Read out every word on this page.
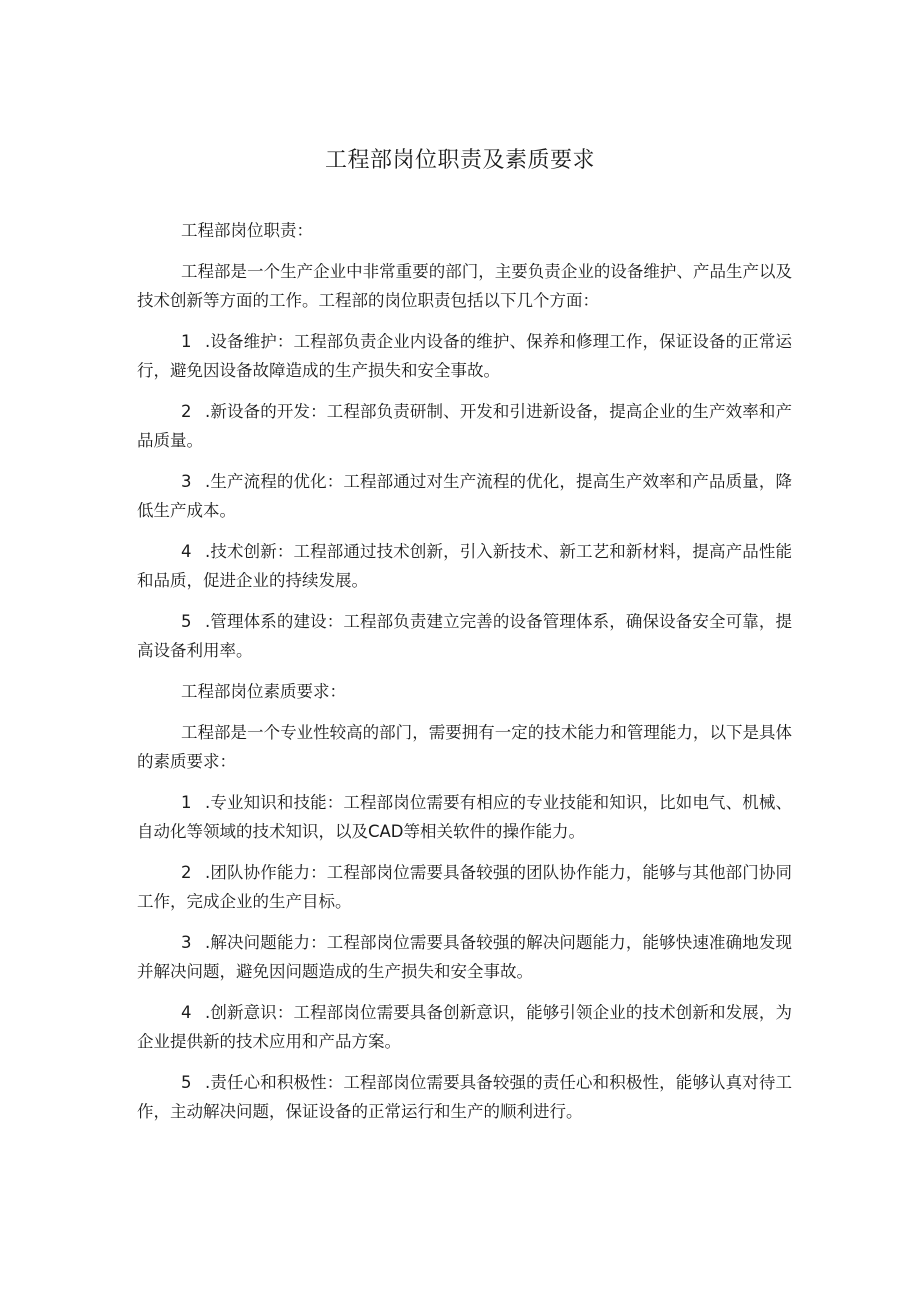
工程部岗位职责及素质要求

工程部岗位职责：

工程部是一个生产企业中非常重要的部门，主要负责企业的设备维护、产品生产以及技术创新等方面的工作。工程部的岗位职责包括以下几个方面：

1 .设备维护：工程部负责企业内设备的维护、保养和修理工作，保证设备的正常运行，避免因设备故障造成的生产损失和安全事故。

2 .新设备的开发：工程部负责研制、开发和引进新设备，提高企业的生产效率和产品质量。

3 .生产流程的优化：工程部通过对生产流程的优化，提高生产效率和产品质量，降低生产成本。

4 .技术创新：工程部通过技术创新，引入新技术、新工艺和新材料，提高产品性能和品质，促进企业的持续发展。

5 .管理体系的建设：工程部负责建立完善的设备管理体系，确保设备安全可靠，提高设备利用率。

工程部岗位素质要求：

工程部是一个专业性较高的部门，需要拥有一定的技术能力和管理能力，以下是具体的素质要求：

1 .专业知识和技能：工程部岗位需要有相应的专业技能和知识，比如电气、机械、自动化等领域的技术知识，以及CAD等相关软件的操作能力。

2 .团队协作能力：工程部岗位需要具备较强的团队协作能力，能够与其他部门协同工作，完成企业的生产目标。

3 .解决问题能力：工程部岗位需要具备较强的解决问题能力，能够快速准确地发现并解决问题，避免因问题造成的生产损失和安全事故。

4 .创新意识：工程部岗位需要具备创新意识，能够引领企业的技术创新和发展，为企业提供新的技术应用和产品方案。

5 .责任心和积极性：工程部岗位需要具备较强的责任心和积极性，能够认真对待工作，主动解决问题，保证设备的正常运行和生产的顺利进行。
